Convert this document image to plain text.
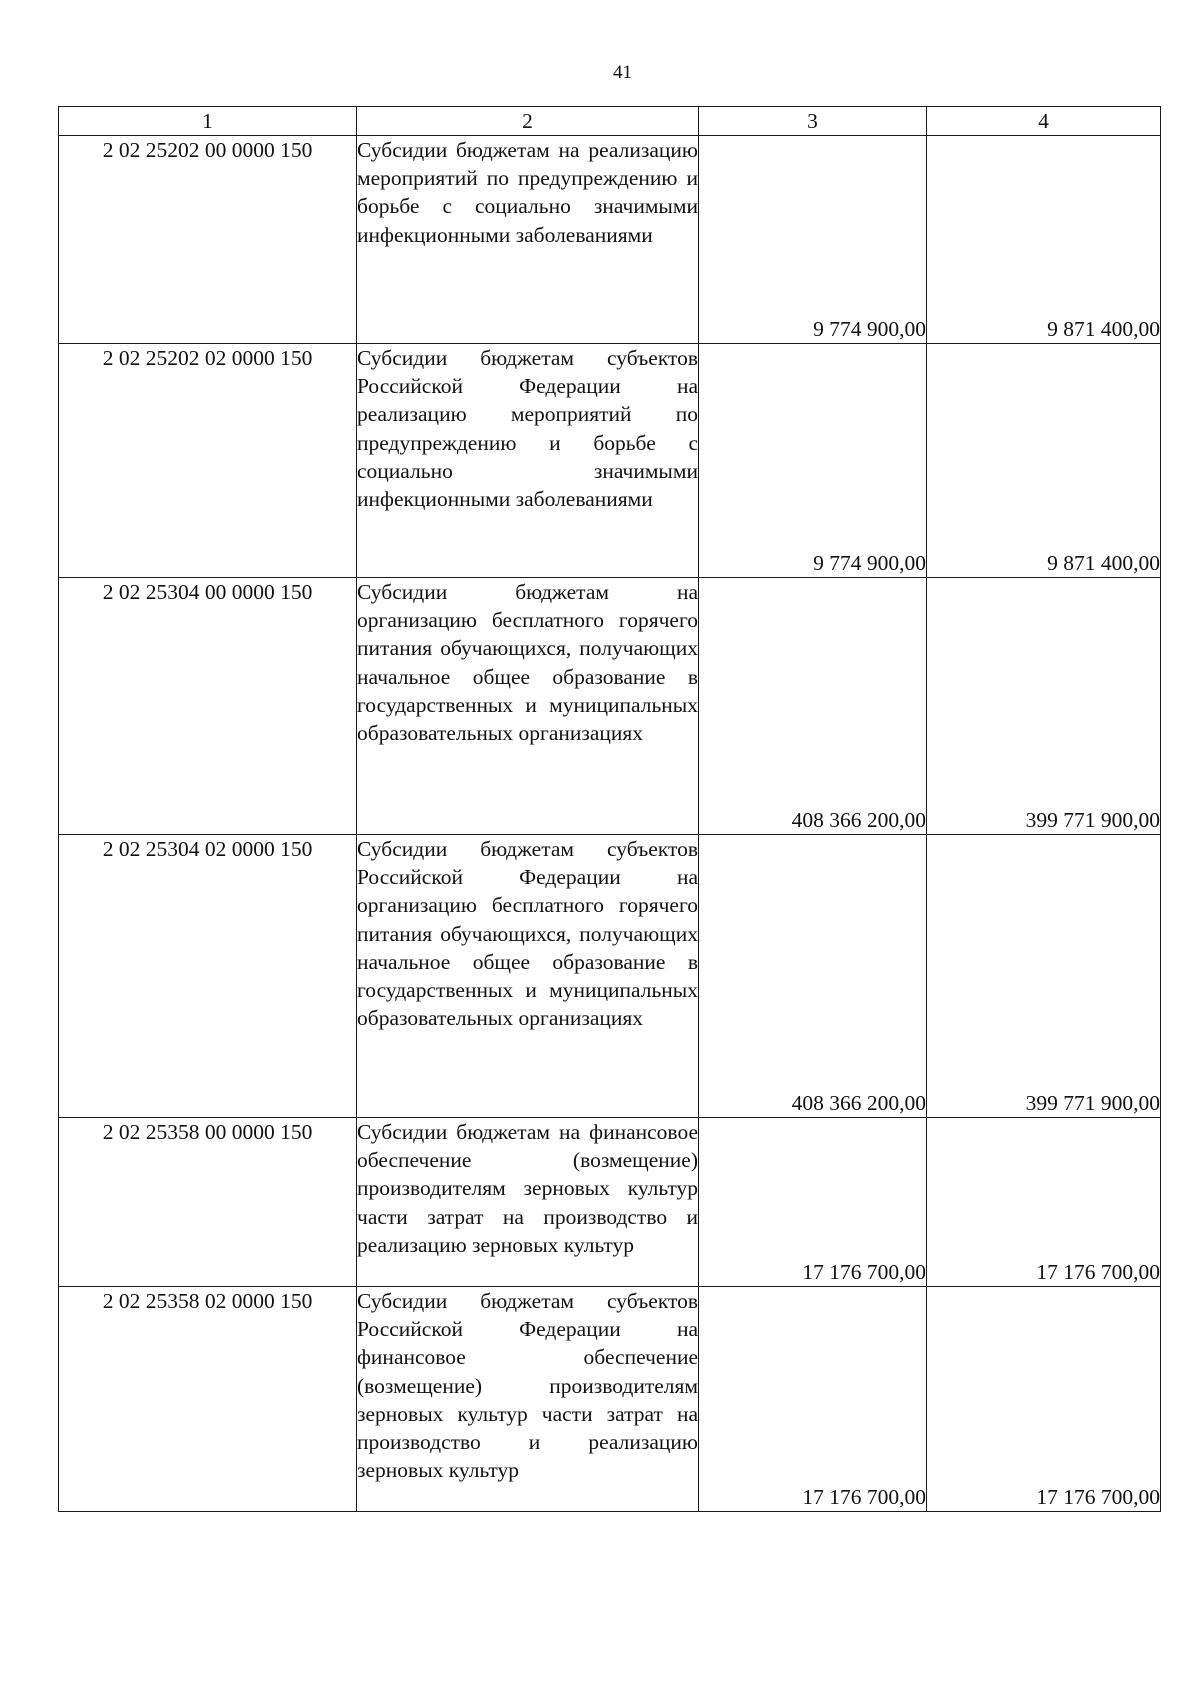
41
1	2	3	4
2 02 25202 00 0000 150	Субсидии бюджетам на реализацию мероприятий по предупреждению и борьбе с социально значимыми инфекционными заболеваниями	9 774 900,00	9 871 400,00
2 02 25202 02 0000 150	Субсидии бюджетам субъектов Российской Федерации на реализацию мероприятий по предупреждению и борьбе с социально значимыми инфекционными заболеваниями	9 774 900,00	9 871 400,00
2 02 25304 00 0000 150	Субсидии бюджетам на организацию бесплатного горячего питания обучающихся, получающих начальное общее образование в государственных и муниципальных образовательных организациях	408 366 200,00	399 771 900,00
2 02 25304 02 0000 150	Субсидии бюджетам субъектов Российской Федерации на организацию бесплатного горячего питания обучающихся, получающих начальное общее образование в государственных и муниципальных образовательных организациях	408 366 200,00	399 771 900,00
2 02 25358 00 0000 150	Субсидии бюджетам на финансовое обеспечение (возмещение) производителям зерновых культур части затрат на производство и реализацию зерновых культур	17 176 700,00	17 176 700,00
2 02 25358 02 0000 150	Субсидии бюджетам субъектов Российской Федерации на финансовое обеспечение (возмещение) производителям зерновых культур части затрат на производство и реализацию зерновых культур	17 176 700,00	17 176 700,00
